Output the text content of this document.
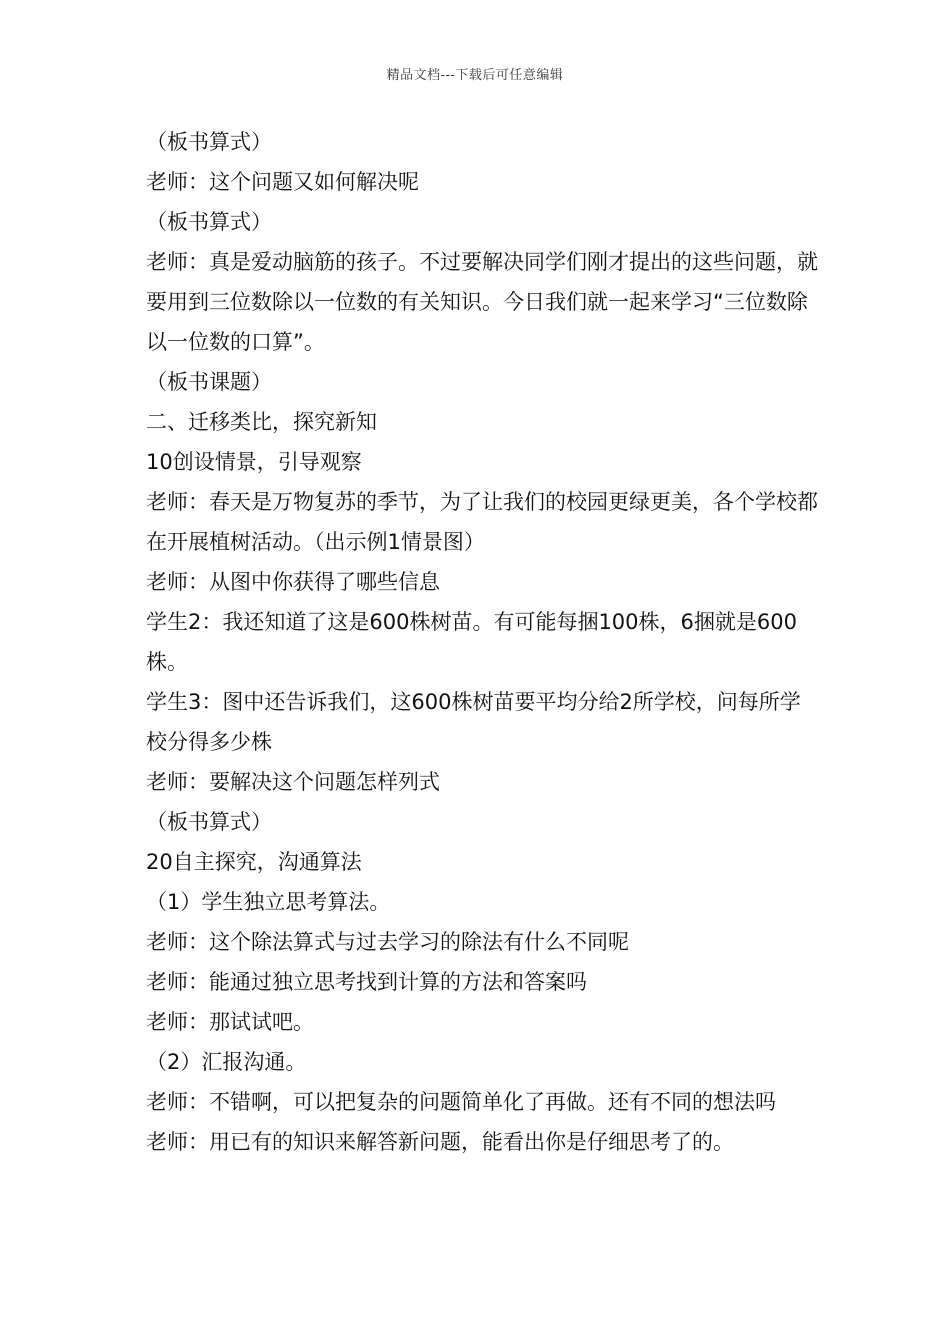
精品文档---下载后可任意编辑

（板书算式）

老师：这个问题又如何解决呢

（板书算式）

老师：真是爱动脑筋的孩子。不过要解决同学们刚才提出的这些问题，就要用到三位数除以一位数的有关知识。今日我们就一起来学习“三位数除以一位数的口算”。

（板书课题）

二、迁移类比，探究新知

10创设情景，引导观察

老师：春天是万物复苏的季节，为了让我们的校园更绿更美，各个学校都在开展植树活动。（出示例1情景图）

老师：从图中你获得了哪些信息

学生2：我还知道了这是600株树苗。有可能每捆100株，6捆就是600株。

学生3：图中还告诉我们，这600株树苗要平均分给2所学校，问每所学校分得多少株

老师：要解决这个问题怎样列式

（板书算式）

20自主探究，沟通算法

（1）学生独立思考算法。

老师：这个除法算式与过去学习的除法有什么不同呢

老师：能通过独立思考找到计算的方法和答案吗

老师：那试试吧。

（2）汇报沟通。

老师：不错啊，可以把复杂的问题简单化了再做。还有不同的想法吗

老师：用已有的知识来解答新问题，能看出你是仔细思考了的。
